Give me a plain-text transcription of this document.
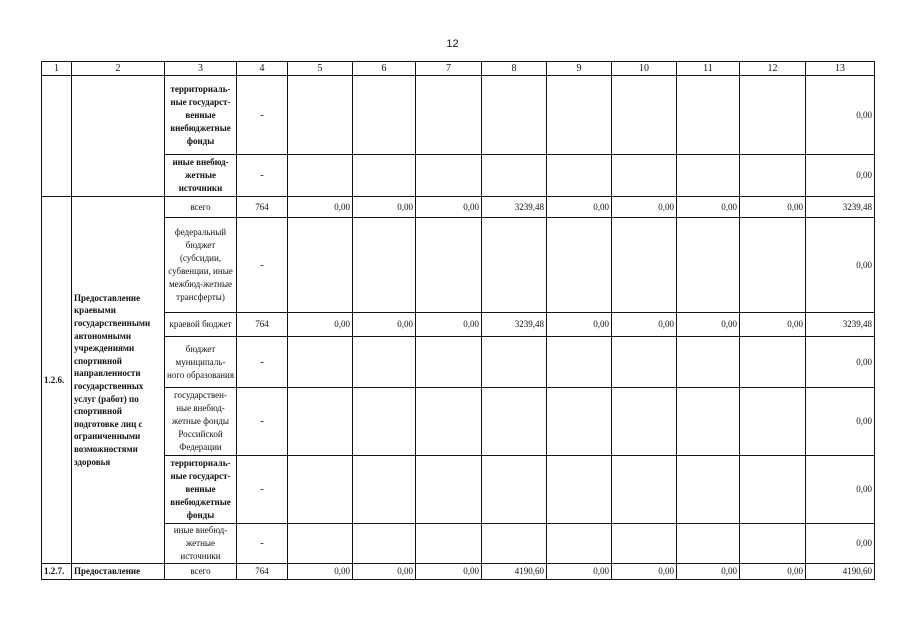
12
1	2	3	4	5	6	7	8	9	10	11	12	13
		территориаль-ные государст-венные внебюджетные фонды	-									0,00
		иные внебюд-жетные источники	-									0,00
1.2.6.	Предоставление краевыми государственными автономными учреждениями спортивной направленности государственных услуг (работ) по спортивной подготовке лиц с ограниченными возможностями здоровья	всего	764	0,00	0,00	0,00	3239,48	0,00	0,00	0,00	0,00	3239,48
		федеральный бюджет (субсидии, субвенции, иные межбюд-жетные трансферты)	-									0,00
		краевой бюджет	764	0,00	0,00	0,00	3239,48	0,00	0,00	0,00	0,00	3239,48
		бюджет муниципаль-ного образования	-									0,00
		государствен-ные внебюд-жетные фонды Российской Федерации	-									0,00
		территориаль-ные государст-венные внебюджетные фонды	-									0,00
		иные внебюд-жетные источники	-									0,00
1.2.7.	Предоставление	всего	764	0,00	0,00	0,00	4190,60	0,00	0,00	0,00	0,00	4190,60
